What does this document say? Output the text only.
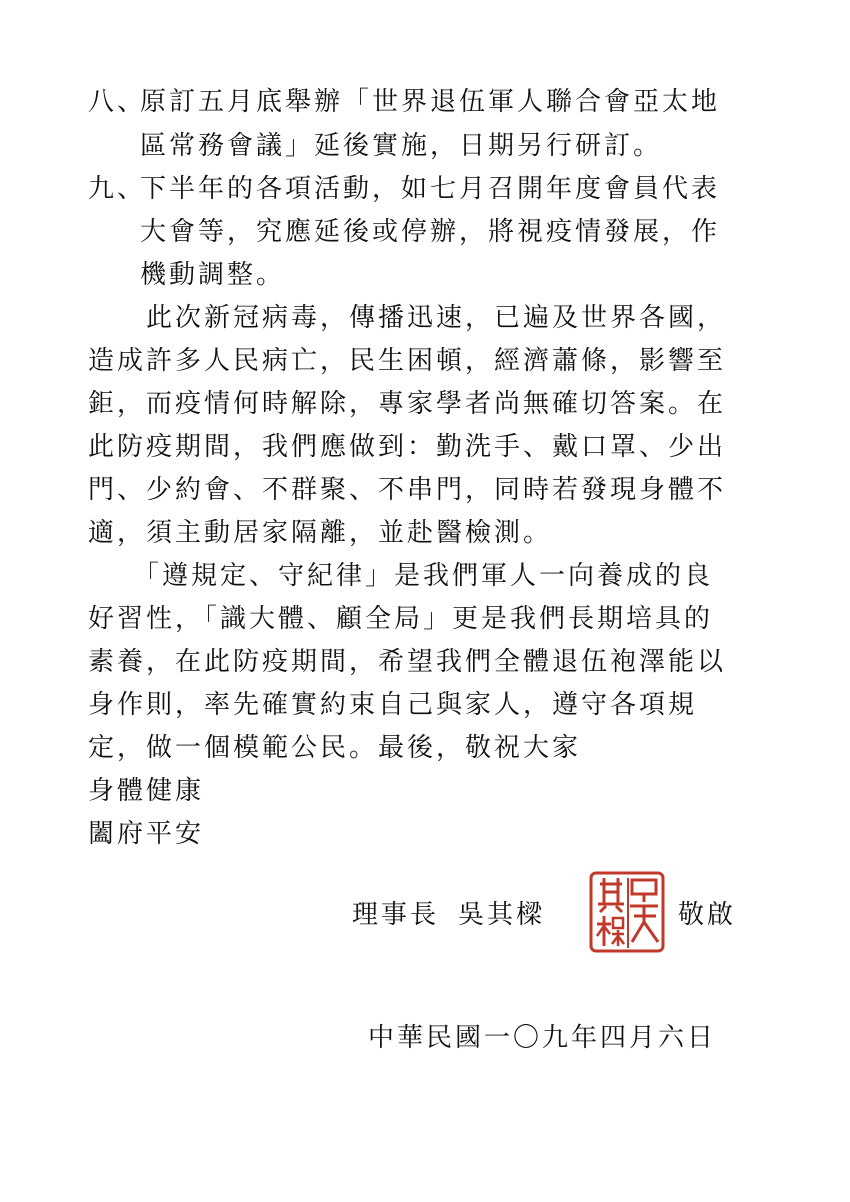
八、
原訂五月底舉辦「世界退伍軍人聯合會亞太地
區常務會議」延後實施，日期另行研訂。
九、
下半年的各項活動，如七月召開年度會員代表
大會等，究應延後或停辦，將視疫情發展，作
機動調整。
　　此次新冠病毒，傳播迅速，已遍及世界各國，
造成許多人民病亡，民生困頓，經濟蕭條，影響至
鉅，而疫情何時解除，專家學者尚無確切答案。在
此防疫期間，我們應做到：勤洗手、戴口罩、少出
門、少約會、不群聚、不串門，同時若發現身體不
適，須主動居家隔離，並赴醫檢測。
　　「遵規定、守紀律」是我們軍人一向養成的良
好習性，「識大體、顧全局」更是我們長期培具的
素養，在此防疫期間，希望我們全體退伍袍澤能以
身作則，率先確實約束自己與家人，遵守各項規
定，做一個模範公民。最後，敬祝大家
身體健康
闔府平安
理事長 吳其樑	敬啟
中華民國一〇九年四月六日
